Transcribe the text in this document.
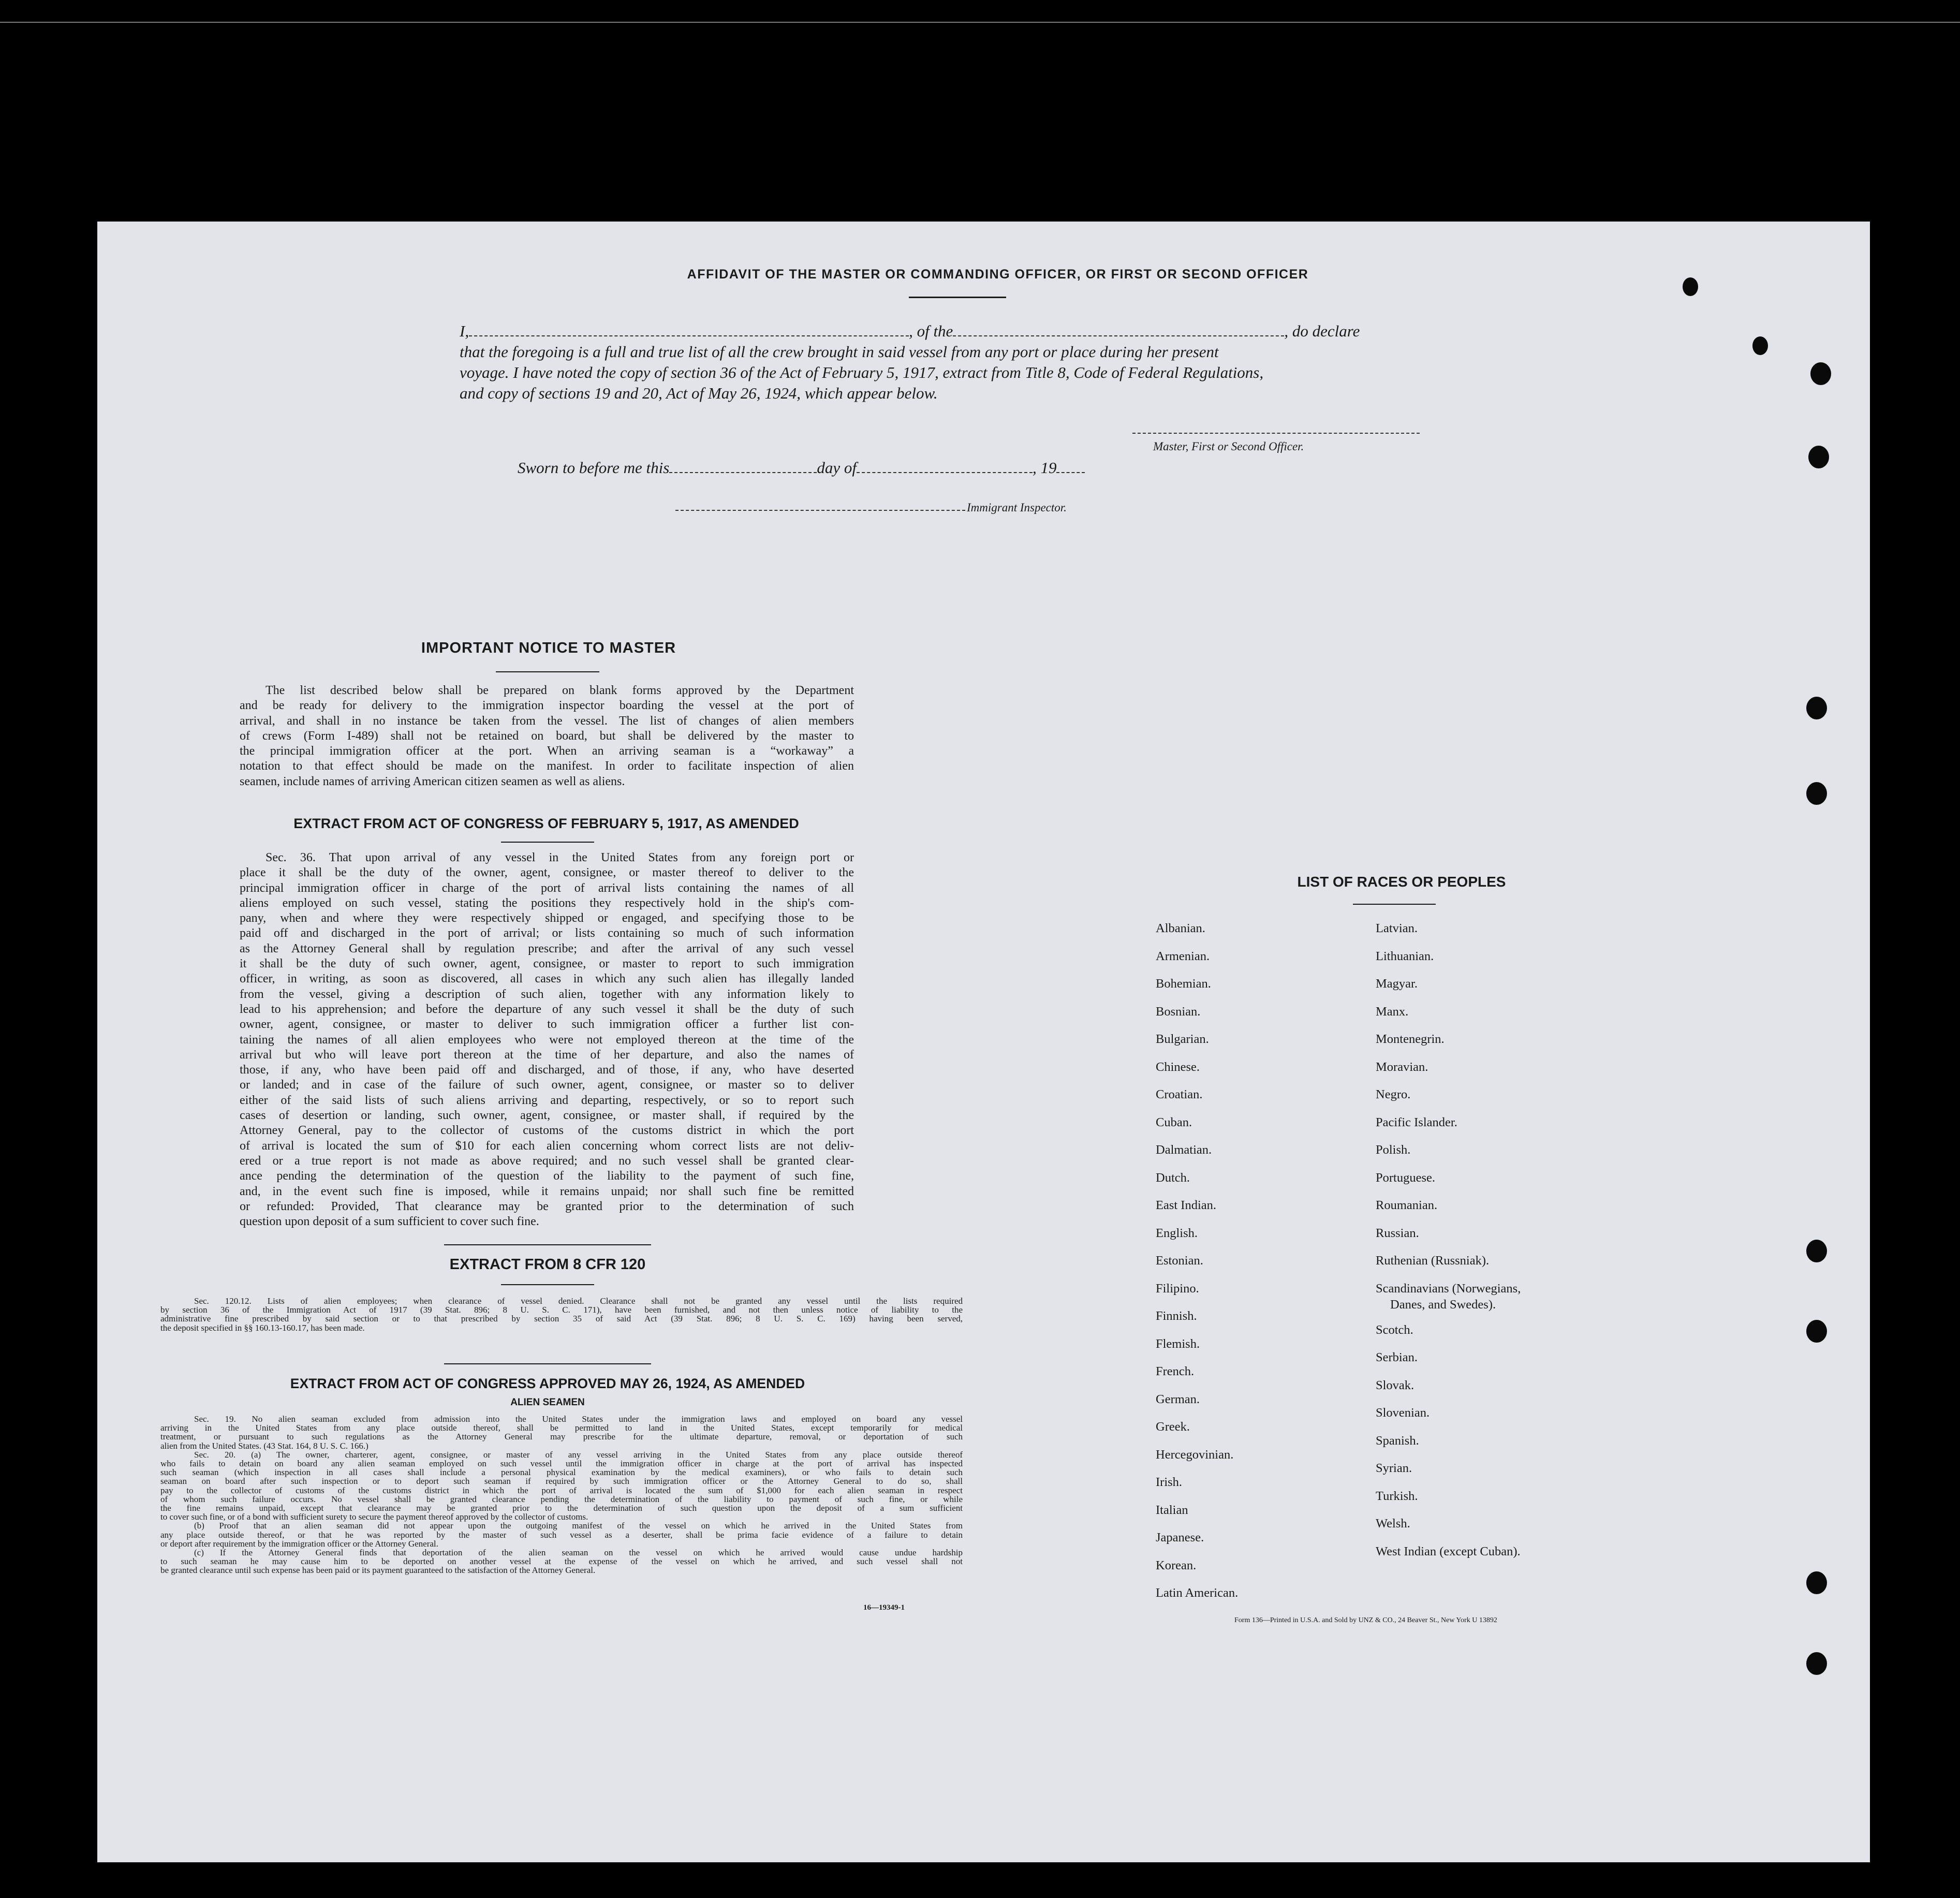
AFFIDAVIT OF THE MASTER OR COMMANDING OFFICER, OR FIRST OR SECOND OFFICER

I,	, of the	, do declare

that the foregoing is a full and true list of all the crew brought in said vessel from any port or place during her present

voyage. I have noted the copy of section 36 of the Act of February 5, 1917, extract from Title 8, Code of Federal Regulations,

and copy of sections 19 and 20, Act of May 26, 1924, which appear below.

Master, First or Second Officer.
Sworn to before me this	day of	, 19
Immigrant Inspector.
IMPORTANT NOTICE TO MASTER
The list described below shall be prepared on blank forms approved by the Department
and be ready for delivery to the immigration inspector boarding the vessel at the port of
arrival, and shall in no instance be taken from the vessel. The list of changes of alien members
of crews (Form I-489) shall not be retained on board, but shall be delivered by the master to
the principal immigration officer at the port. When an arriving seaman is a “workaway” a
notation to that effect should be made on the manifest. In order to facilitate inspection of alien
seamen, include names of arriving American citizen seamen as well as aliens.
EXTRACT FROM ACT OF CONGRESS OF FEBRUARY 5, 1917, AS AMENDED
Sec. 36. That upon arrival of any vessel in the United States from any foreign port or
place it shall be the duty of the owner, agent, consignee, or master thereof to deliver to the
principal immigration officer in charge of the port of arrival lists containing the names of all
aliens employed on such vessel, stating the positions they respectively hold in the ship's com-
pany, when and where they were respectively shipped or engaged, and specifying those to be
paid off and discharged in the port of arrival; or lists containing so much of such information
as the Attorney General shall by regulation prescribe; and after the arrival of any such vessel
it shall be the duty of such owner, agent, consignee, or master to report to such immigration
officer, in writing, as soon as discovered, all cases in which any such alien has illegally landed
from the vessel, giving a description of such alien, together with any information likely to
lead to his apprehension; and before the departure of any such vessel it shall be the duty of such
owner, agent, consignee, or master to deliver to such immigration officer a further list con-
taining the names of all alien employees who were not employed thereon at the time of the
arrival but who will leave port thereon at the time of her departure, and also the names of
those, if any, who have been paid off and discharged, and of those, if any, who have deserted
or landed; and in case of the failure of such owner, agent, consignee, or master so to deliver
either of the said lists of such aliens arriving and departing, respectively, or so to report such
cases of desertion or landing, such owner, agent, consignee, or master shall, if required by the
Attorney General, pay to the collector of customs of the customs district in which the port
of arrival is located the sum of $10 for each alien concerning whom correct lists are not deliv-
ered or a true report is not made as above required; and no such vessel shall be granted clear-
ance pending the determination of the question of the liability to the payment of such fine,
and, in the event such fine is imposed, while it remains unpaid; nor shall such fine be remitted
or refunded: Provided, That clearance may be granted prior to the determination of such
question upon deposit of a sum sufficient to cover such fine.
EXTRACT FROM 8 CFR 120
Sec. 120.12. Lists of alien employees; when clearance of vessel denied. Clearance shall not be granted any vessel until the lists required
by section 36 of the Immigration Act of 1917 (39 Stat. 896; 8 U. S. C. 171), have been furnished, and not then unless notice of liability to the
administrative fine prescribed by said section or to that prescribed by section 35 of said Act (39 Stat. 896; 8 U. S. C. 169) having been served,
the deposit specified in §§ 160.13-160.17, has been made.
EXTRACT FROM ACT OF CONGRESS APPROVED MAY 26, 1924, AS AMENDED
ALIEN SEAMEN
Sec. 19. No alien seaman excluded from admission into the United States under the immigration laws and employed on board any vessel
arriving in the United States from any place outside thereof, shall be permitted to land in the United States, except temporarily for medical
treatment, or pursuant to such regulations as the Attorney General may prescribe for the ultimate departure, removal, or deportation of such
alien from the United States. (43 Stat. 164, 8 U. S. C. 166.)
Sec. 20. (a) The owner, charterer, agent, consignee, or master of any vessel arriving in the United States from any place outside thereof
who fails to detain on board any alien seaman employed on such vessel until the immigration officer in charge at the port of arrival has inspected
such seaman (which inspection in all cases shall include a personal physical examination by the medical examiners), or who fails to detain such
seaman on board after such inspection or to deport such seaman if required by such immigration officer or the Attorney General to do so, shall
pay to the collector of customs of the customs district in which the port of arrival is located the sum of $1,000 for each alien seaman in respect
of whom such failure occurs. No vessel shall be granted clearance pending the determination of the liability to payment of such fine, or while
the fine remains unpaid, except that clearance may be granted prior to the determination of such question upon the deposit of a sum sufficient
to cover such fine, or of a bond with sufficient surety to secure the payment thereof approved by the collector of customs.
(b) Proof that an alien seaman did not appear upon the outgoing manifest of the vessel on which he arrived in the United States from
any place outside thereof, or that he was reported by the master of such vessel as a deserter, shall be prima facie evidence of a failure to detain
or deport after requirement by the immigration officer or the Attorney General.
(c) If the Attorney General finds that deportation of the alien seaman on the vessel on which he arrived would cause undue hardship
to such seaman he may cause him to be deported on another vessel at the expense of the vessel on which he arrived, and such vessel shall not
be granted clearance until such expense has been paid or its payment guaranteed to the satisfaction of the Attorney General.
16—19349-1
LIST OF RACES OR PEOPLES
Albanian.
Armenian.
Bohemian.
Bosnian.
Bulgarian.
Chinese.
Croatian.
Cuban.
Dalmatian.
Dutch.
East Indian.
English.
Estonian.
Filipino.
Finnish.
Flemish.
French.
German.
Greek.
Hercegovinian.
Irish.
Italian
Japanese.
Korean.
Latin American.
Latvian.
Lithuanian.
Magyar.
Manx.
Montenegrin.
Moravian.
Negro.
Pacific Islander.
Polish.
Portuguese.
Roumanian.
Russian.
Ruthenian (Russniak).
Scandinavians (Norwegians,
Danes, and Swedes).
Scotch.
Serbian.
Slovak.
Slovenian.
Spanish.
Syrian.
Turkish.
Welsh.
West Indian (except Cuban).
Form 136—Printed in U.S.A. and Sold by UNZ & CO., 24 Beaver St., New York U 13892
